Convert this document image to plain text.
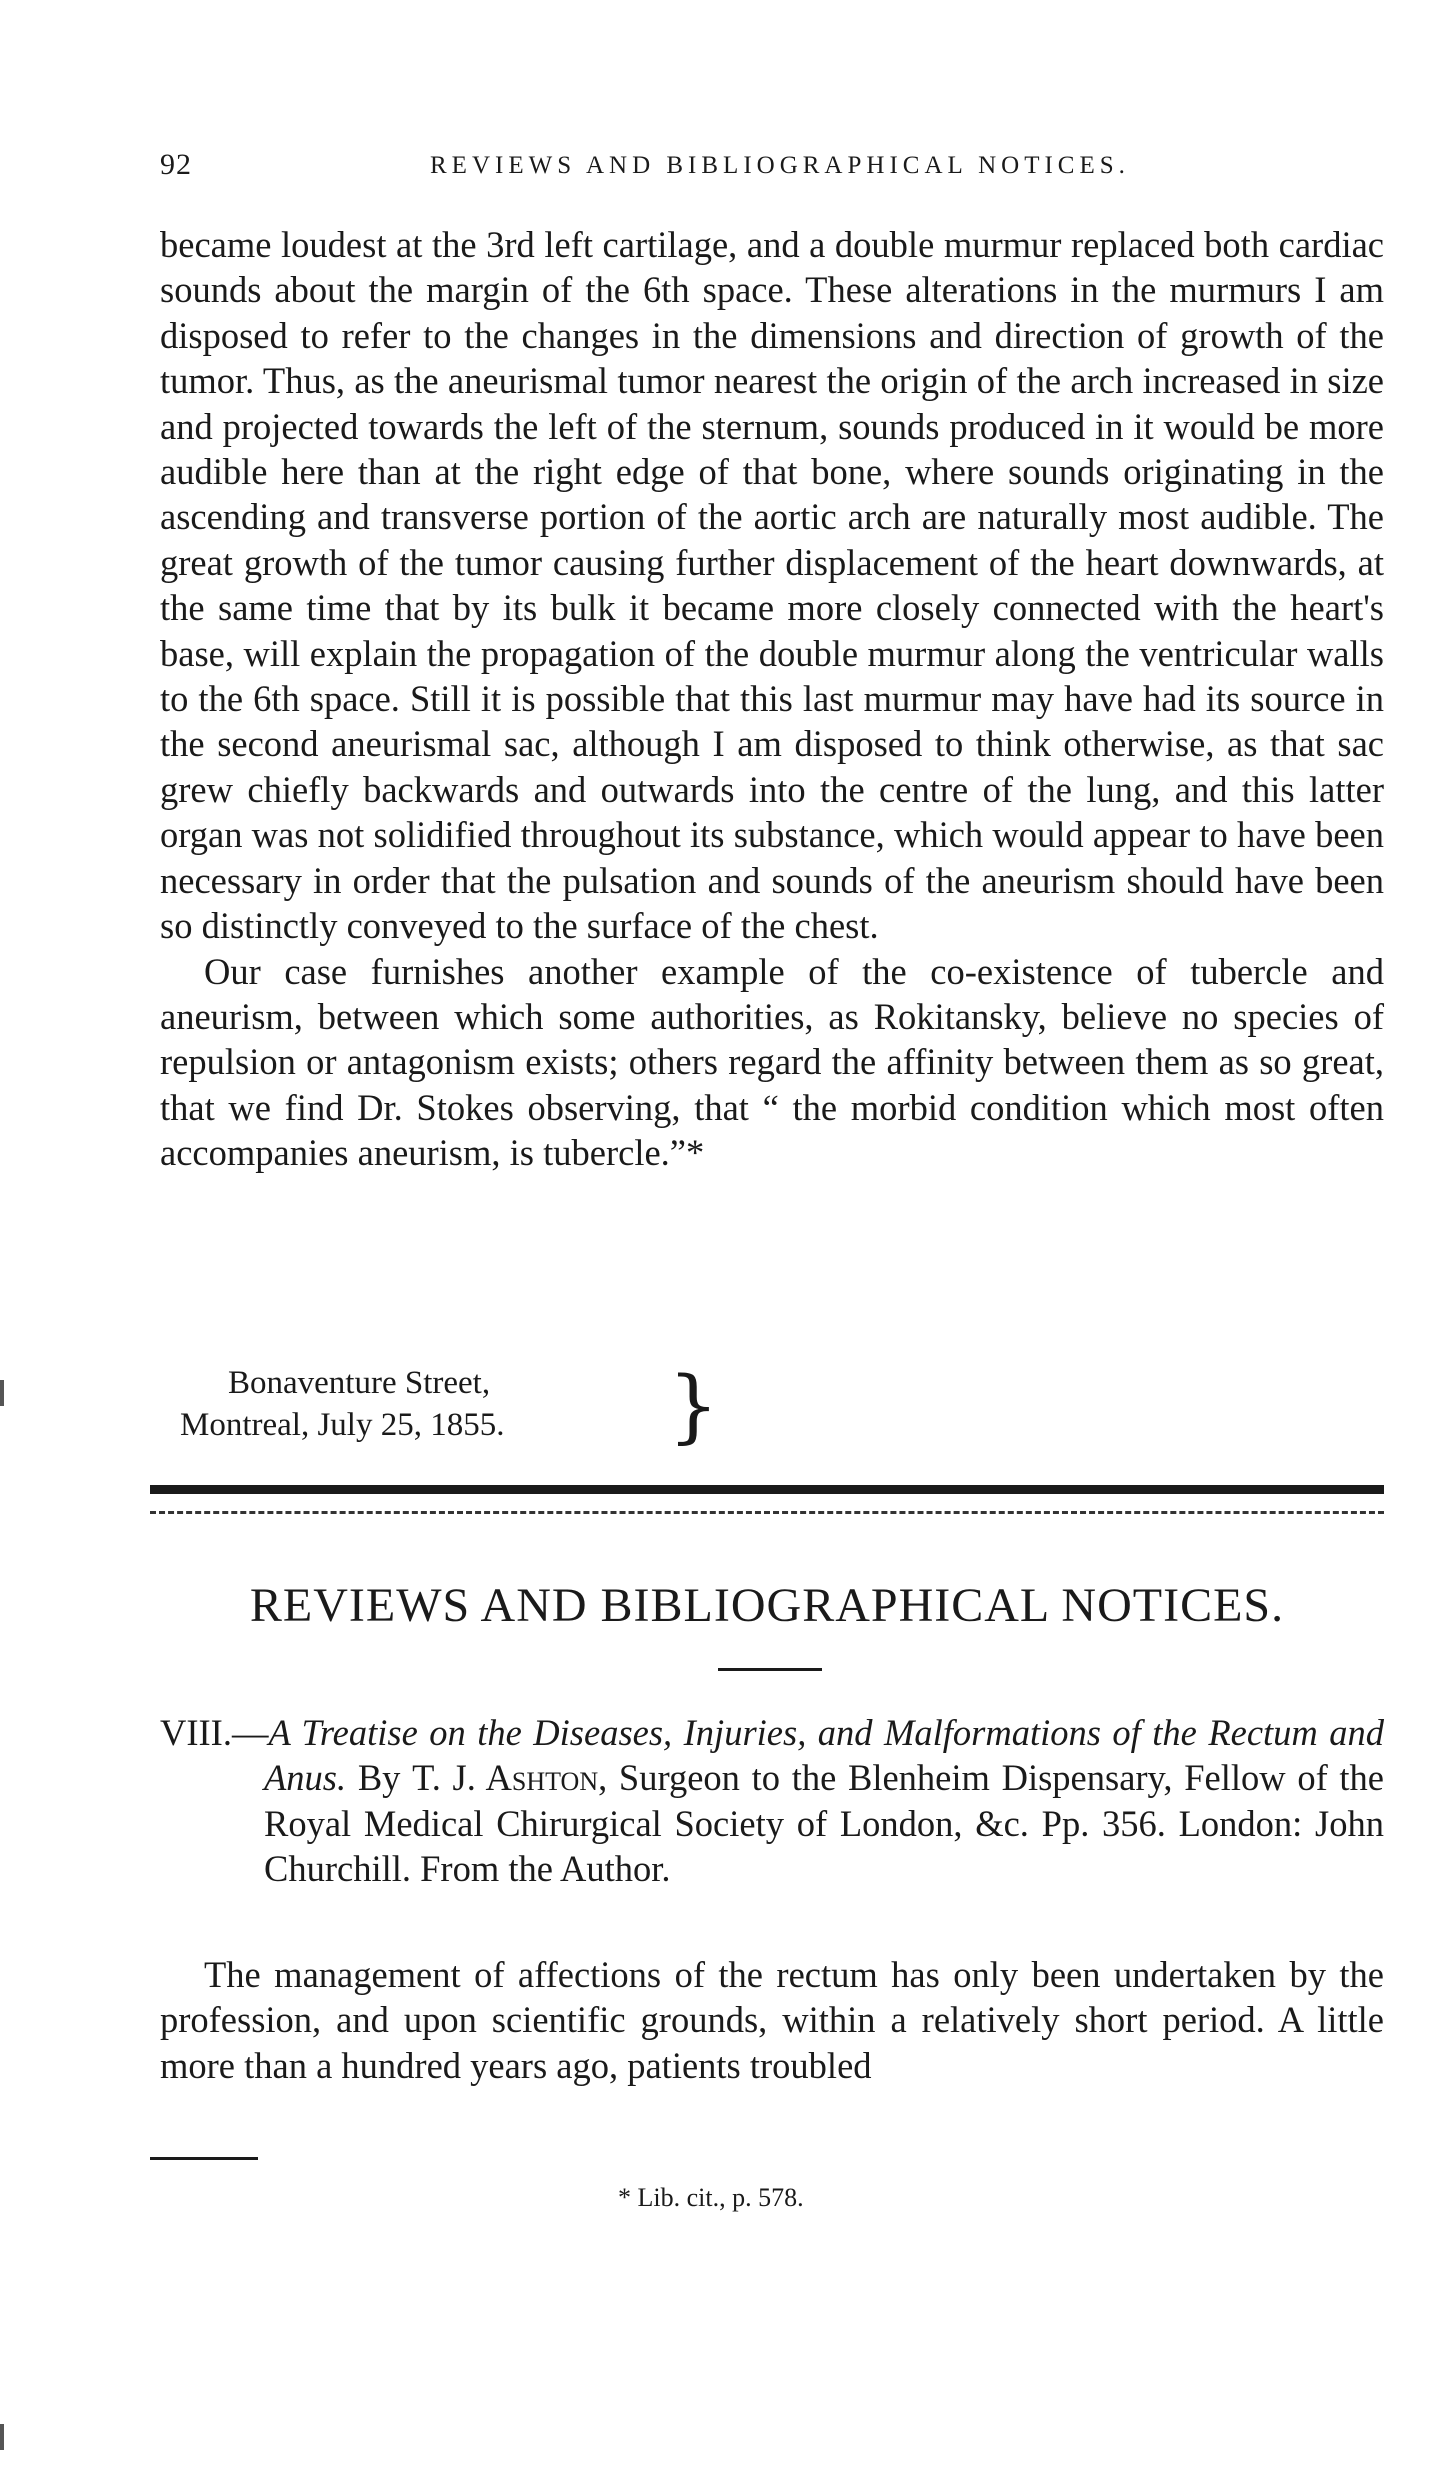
92	REVIEWS AND BIBLIOGRAPHICAL NOTICES.

became loudest at the 3rd left cartilage, and a double murmur replaced both cardiac sounds about the margin of the 6th space. These alterations in the murmurs I am disposed to refer to the changes in the dimensions and direction of growth of the tumor. Thus, as the aneurismal tumor nearest the origin of the arch increased in size and projected towards the left of the sternum, sounds produced in it would be more audible here than at the right edge of that bone, where sounds originating in the ascending and transverse portion of the aortic arch are naturally most audible. The great growth of the tumor causing further displacement of the heart downwards, at the same time that by its bulk it became more closely connected with the heart's base, will explain the propagation of the double murmur along the ventricular walls to the 6th space. Still it is possible that this last murmur may have had its source in the second aneurismal sac, although I am disposed to think otherwise, as that sac grew chiefly backwards and outwards into the centre of the lung, and this latter organ was not solidified throughout its substance, which would appear to have been necessary in order that the pulsation and sounds of the aneurism should have been so distinctly conveyed to the surface of the chest.

Our case furnishes another example of the co-existence of tubercle and aneurism, between which some authorities, as Rokitansky, believe no species of repulsion or antagonism exists; others regard the affinity between them as so great, that we find Dr. Stokes observing, that “ the morbid condition which most often accompanies aneurism, is tubercle.”*

Bonaventure Street,
Montreal, July 25, 1855.	}
REVIEWS AND BIBLIOGRAPHICAL NOTICES.
VIII.—A Treatise on the Diseases, Injuries, and Malformations of the Rectum and Anus. By T. J. Ashton, Surgeon to the Blenheim Dispensary, Fellow of the Royal Medical Chirurgical Society of London, &c. Pp. 356. London: John Churchill. From the Author.

The management of affections of the rectum has only been undertaken by the profession, and upon scientific grounds, within a relatively short period. A little more than a hundred years ago, patients troubled

* Lib. cit., p. 578.
